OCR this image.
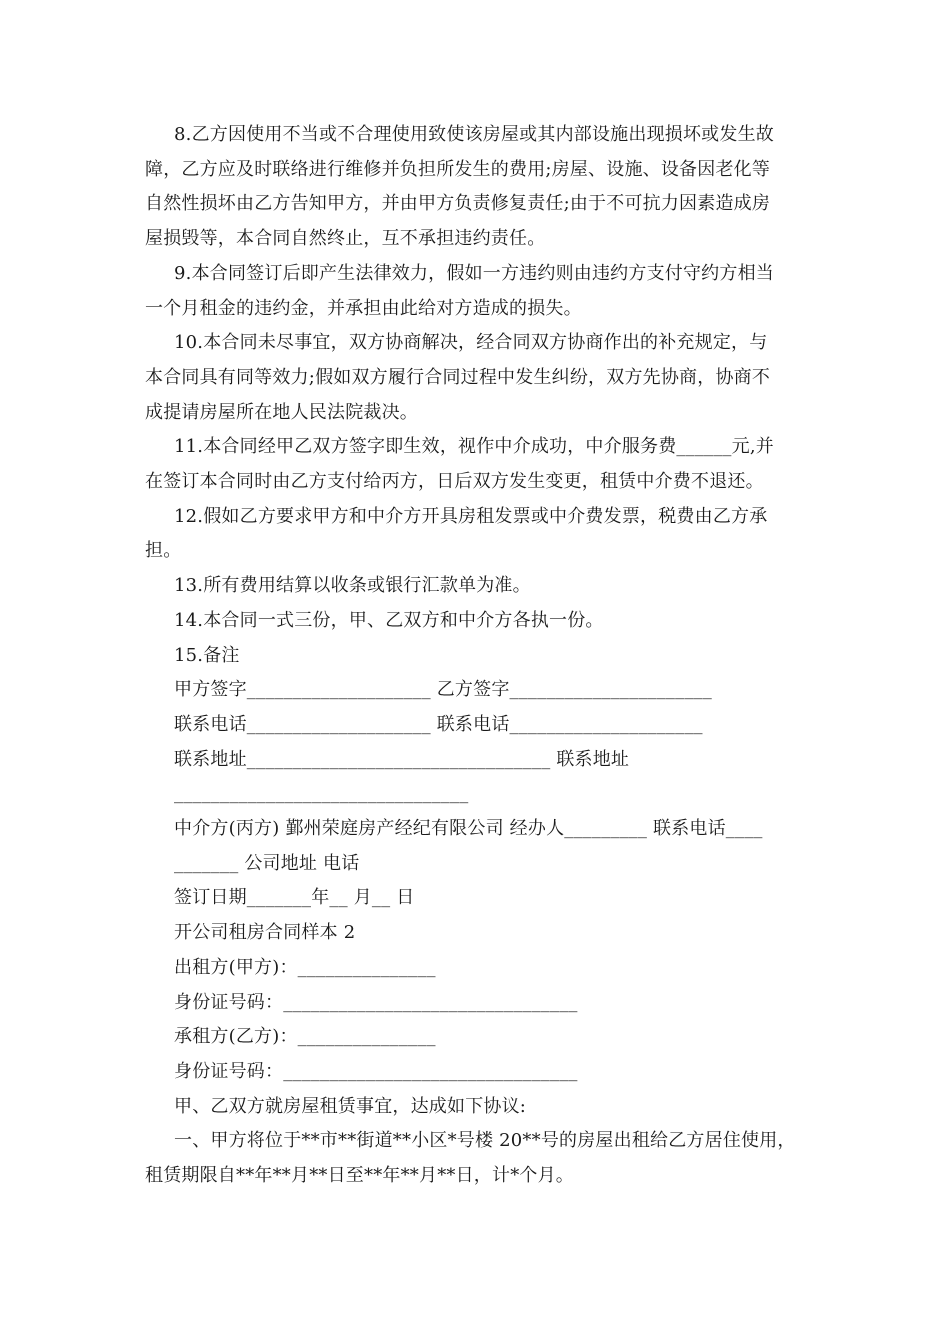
8.乙方因使用不当或不合理使用致使该房屋或其内部设施出现损坏或发生故
障，乙方应及时联络进行维修并负担所发生的费用;房屋、设施、设备因老化等
自然性损坏由乙方告知甲方，并由甲方负责修复责任;由于不可抗力因素造成房
屋损毁等，本合同自然终止，互不承担违约责任。
9.本合同签订后即产生法律效力，假如一方违约则由违约方支付守约方相当
一个月租金的违约金，并承担由此给对方造成的损失。
10.本合同未尽事宜，双方协商解决，经合同双方协商作出的补充规定，与
本合同具有同等效力;假如双方履行合同过程中发生纠纷，双方先协商，协商不
成提请房屋所在地人民法院裁决。
11.本合同经甲乙双方签字即生效，视作中介成功，中介服务费______元,并
在签订本合同时由乙方支付给丙方，日后双方发生变更，租赁中介费不退还。
12.假如乙方要求甲方和中介方开具房租发票或中介费发票，税费由乙方承
担。
13.所有费用结算以收条或银行汇款单为准。
14.本合同一式三份，甲、乙双方和中介方各执一份。
15.备注
甲方签字____________________ 乙方签字______________________
联系电话____________________ 联系电话_____________________
联系地址_________________________________ 联系地址
________________________________
中介方(丙方) 鄞州荣庭房产经纪有限公司 经办人_________ 联系电话____
_______ 公司地址 电话
签订日期_______年__ 月__ 日
开公司租房合同样本 2
出租方(甲方)：_______________
身份证号码：________________________________
承租方(乙方)：_______________
身份证号码：________________________________
甲、乙双方就房屋租赁事宜，达成如下协议:
一、甲方将位于**市**街道**小区*号楼 20**号的房屋出租给乙方居住使用，
租赁期限自**年**月**日至**年**月**日，计*个月。
